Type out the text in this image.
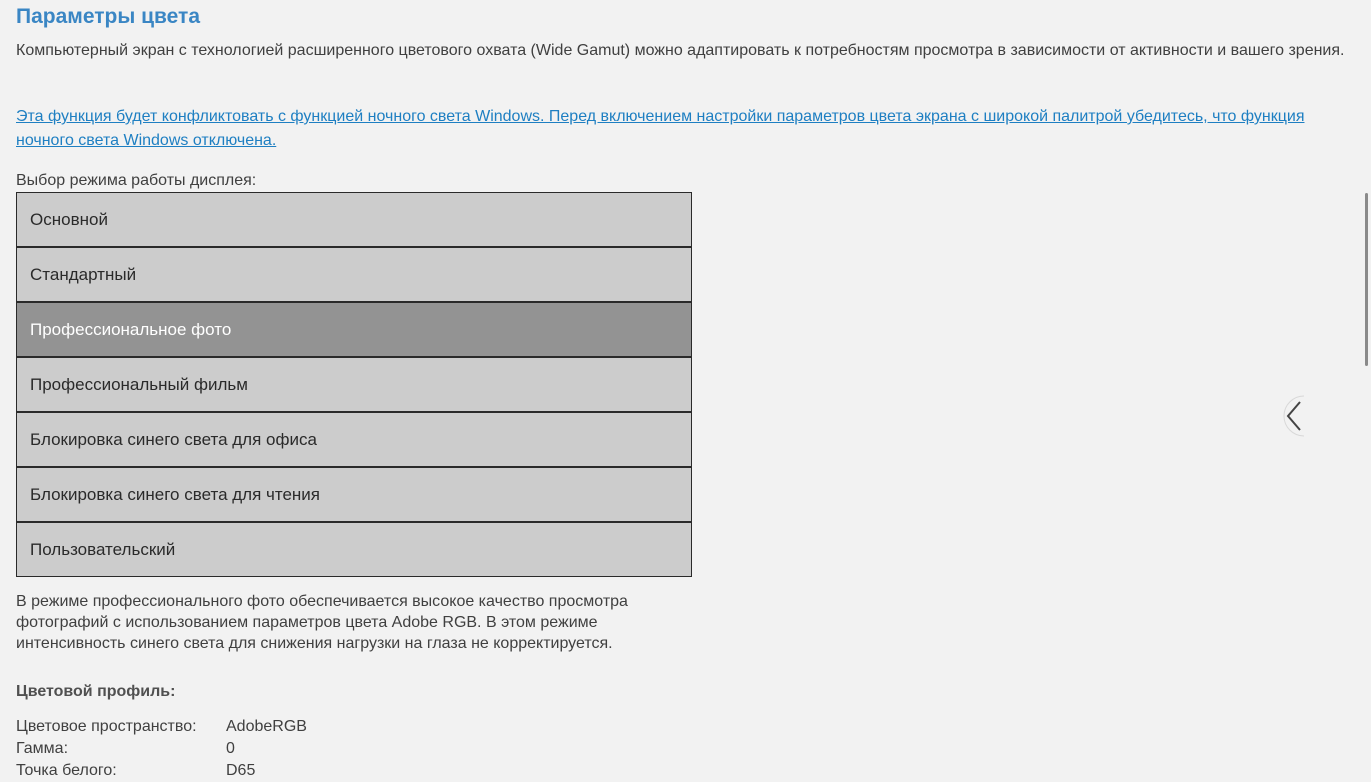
Параметры цвета
Компьютерный экран с технологией расширенного цветового охвата (Wide Gamut) можно адаптировать к потребностям просмотра в зависимости от активности и вашего зрения.
Эта функция будет конфликтовать с функцией ночного света Windows. Перед включением настройки параметров цвета экрана с широкой палитрой убедитесь, что функция ночного света Windows отключена.
Выбор режима работы дисплея:
Основной
Стандартный
Профессиональное фото
Профессиональный фильм
Блокировка синего света для офиса
Блокировка синего света для чтения
Пользовательский
В режиме профессионального фото обеспечивается высокое качество просмотра фотографий с использованием параметров цвета Adobe RGB. В этом режиме интенсивность синего света для снижения нагрузки на глаза не корректируется.
Цветовой профиль:
Цветовое пространство: AdobeRGB
Гамма:	0
Точка белого:	D65
